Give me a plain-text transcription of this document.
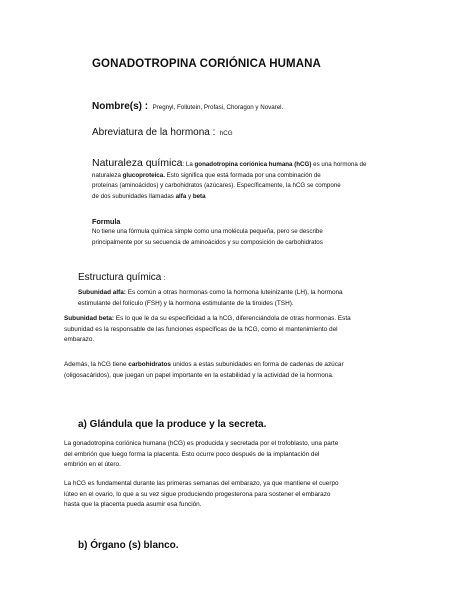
GONADOTROPINA CORIÓNICA HUMANA
Nombre(s) : Pregnyl, Follutein, Profasi, Choragon y Novarel.
Abreviatura de la hormona : hCG
Naturaleza química: La gonadotropina coriónica humana (hCG) es una hormona de
naturaleza glucoproteica. Esto significa que está formada por una combinación de
proteínas (aminoácidos) y carbohidratos (azúcares). Específicamente, la hCG se compone
de dos subunidades llamadas alfa y beta
Formula
No tiene una fórmula química simple como una molécula pequeña, pero se describe
principalmente por su secuencia de aminoácidos y su composición de carbohidratos
Estructura química :
Subunidad alfa: Es común a otras hormonas como la hormona luteinizante (LH), la hormona
estimulante del folículo (FSH) y la hormona estimulante de la tiroides (TSH).
Subunidad beta: Es lo que le da su especificidad a la hCG, diferenciándola de otras hormonas. Esta
subunidad es la responsable de las funciones específicas de la hCG, como el mantenimiento del
embarazo.
Además, la hCG tiene carbohidratos unidos a estas subunidades en forma de cadenas de azúcar
(oligosacáridos), que juegan un papel importante en la estabilidad y la actividad de la hormona.
a) Glándula que la produce y la secreta.
La gonadotropina coriónica humana (hCG) es producida y secretada por el trofoblasto, una parte
del embrión que luego forma la placenta. Esto ocurre poco después de la implantación del
embrión en el útero.
La hCG es fundamental durante las primeras semanas del embarazo, ya que mantiene el cuerpo
lúteo en el ovario, lo que a su vez sigue produciendo progesterona para sostener el embarazo
hasta que la placenta pueda asumir esa función.
b) Órgano (s) blanco.
